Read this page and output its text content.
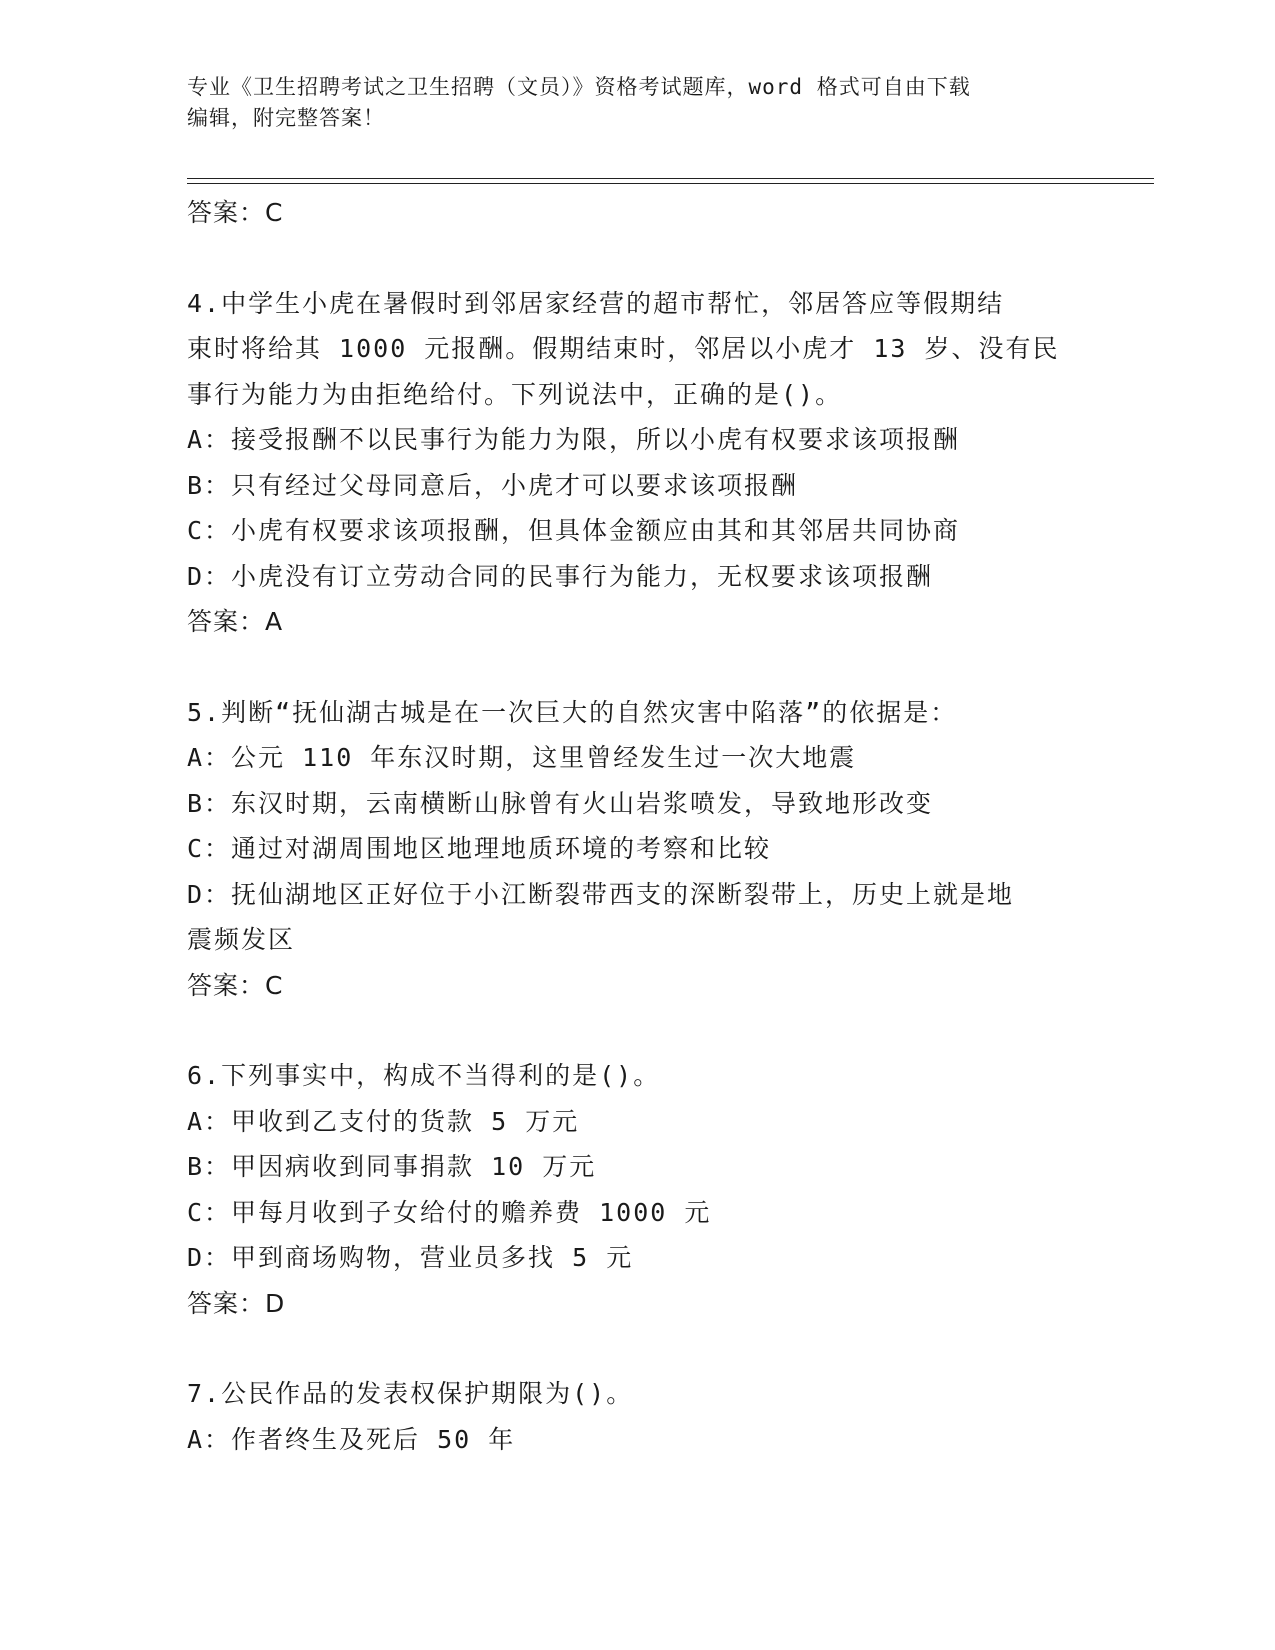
专业《卫生招聘考试之卫生招聘（文员）》资格考试题库，word 格式可自由下载
编辑，附完整答案！
答案：C
4.中学生小虎在暑假时到邻居家经营的超市帮忙，邻居答应等假期结
束时将给其 1000 元报酬。假期结束时，邻居以小虎才 13 岁、没有民
事行为能力为由拒绝给付。下列说法中，正确的是()。
A：接受报酬不以民事行为能力为限，所以小虎有权要求该项报酬
B：只有经过父母同意后，小虎才可以要求该项报酬
C：小虎有权要求该项报酬，但具体金额应由其和其邻居共同协商
D：小虎没有订立劳动合同的民事行为能力，无权要求该项报酬
答案：A
5.判断“抚仙湖古城是在一次巨大的自然灾害中陷落”的依据是：
A：公元 110 年东汉时期，这里曾经发生过一次大地震
B：东汉时期，云南横断山脉曾有火山岩浆喷发，导致地形改变
C：通过对湖周围地区地理地质环境的考察和比较
D：抚仙湖地区正好位于小江断裂带西支的深断裂带上，历史上就是地
震频发区
答案：C
6.下列事实中，构成不当得利的是()。
A：甲收到乙支付的货款 5 万元
B：甲因病收到同事捐款 10 万元
C：甲每月收到子女给付的赡养费 1000 元
D：甲到商场购物，营业员多找 5 元
答案：D
7.公民作品的发表权保护期限为()。
A：作者终生及死后 50 年
